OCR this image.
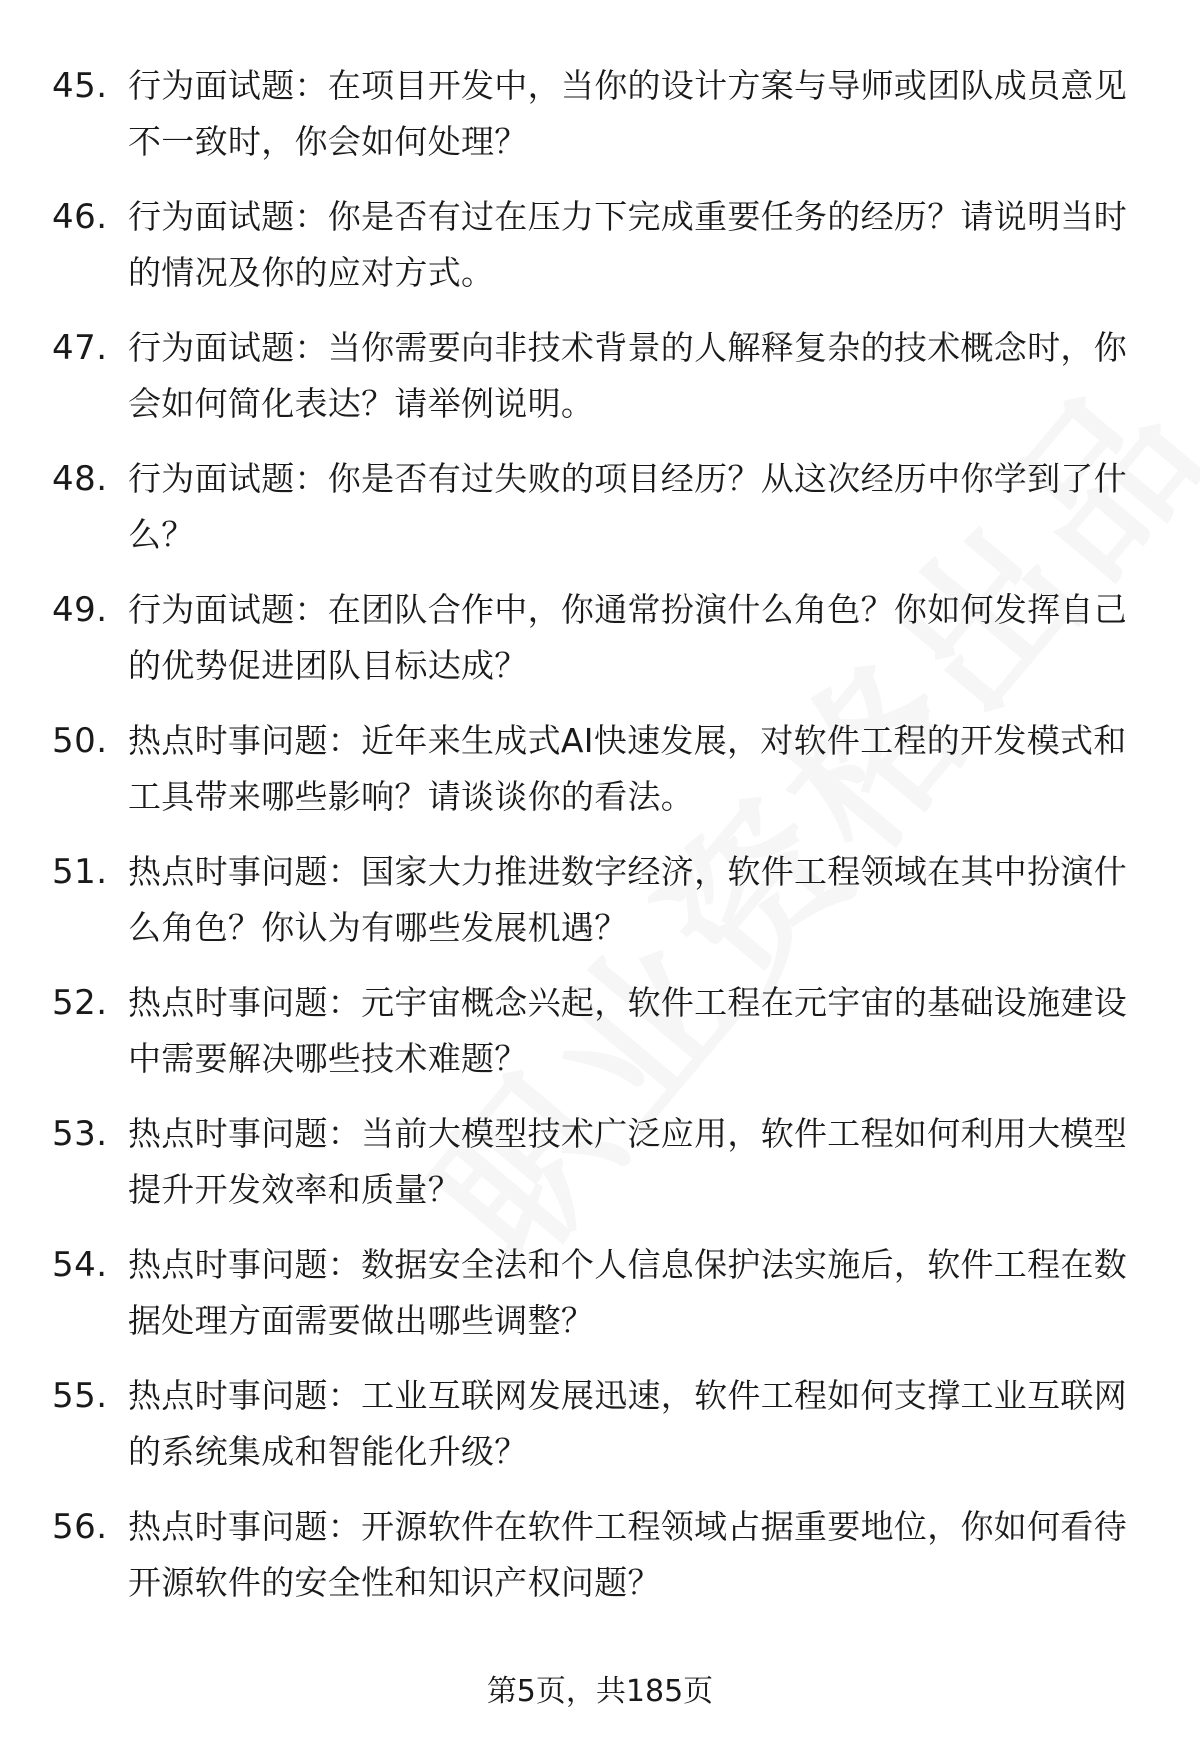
45. 行为面试题：在项目开发中，当你的设计方案与导师或团队成员意见不一致时，你会如何处理？
46. 行为面试题：你是否有过在压力下完成重要任务的经历？请说明当时的情况及你的应对方式。
47. 行为面试题：当你需要向非技术背景的人解释复杂的技术概念时，你会如何简化表达？请举例说明。
48. 行为面试题：你是否有过失败的项目经历？从这次经历中你学到了什么？
49. 行为面试题：在团队合作中，你通常扮演什么角色？你如何发挥自己的优势促进团队目标达成？
50. 热点时事问题：近年来生成式AI快速发展，对软件工程的开发模式和工具带来哪些影响？请谈谈你的看法。
51. 热点时事问题：国家大力推进数字经济，软件工程领域在其中扮演什么角色？你认为有哪些发展机遇？
52. 热点时事问题：元宇宙概念兴起，软件工程在元宇宙的基础设施建设中需要解决哪些技术难题？
53. 热点时事问题：当前大模型技术广泛应用，软件工程如何利用大模型提升开发效率和质量？
54. 热点时事问题：数据安全法和个人信息保护法实施后，软件工程在数据处理方面需要做出哪些调整？
55. 热点时事问题：工业互联网发展迅速，软件工程如何支撑工业互联网的系统集成和智能化升级？
56. 热点时事问题：开源软件在软件工程领域占据重要地位，你如何看待开源软件的安全性和知识产权问题？
第5页，共185页
